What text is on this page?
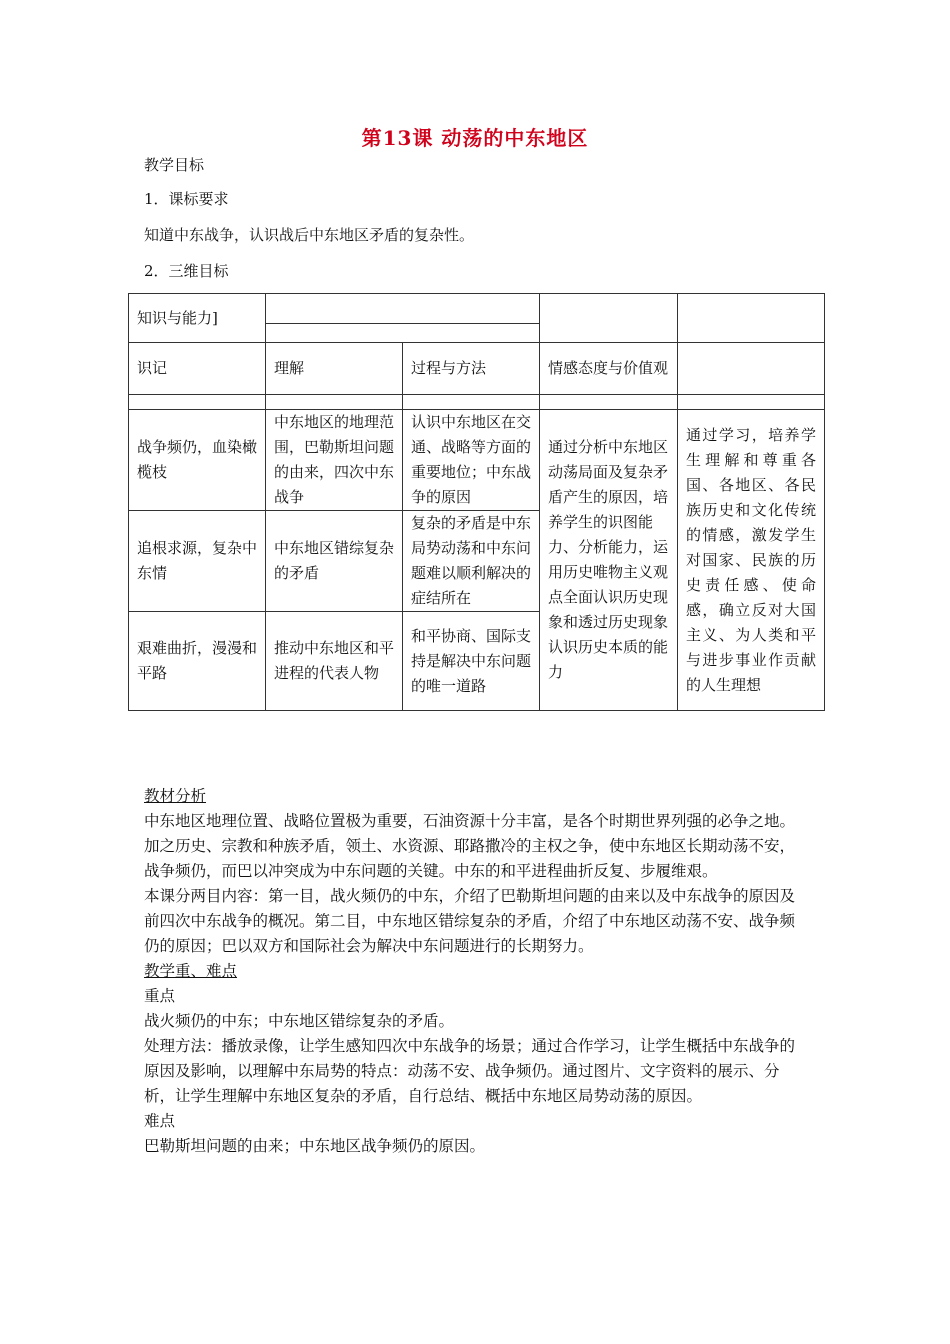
第13课 动荡的中东地区
教学目标
1．课标要求
知道中东战争，认识战后中东地区矛盾的复杂性。
2．三维目标
知识与能力]		

识记	理解	过程与方法	情感态度与价值观	

战争频仍，血染橄榄枝	中东地区的地理范围，巴勒斯坦问题的由来，四次中东战争	认识中东地区在交通、战略等方面的重要地位；中东战争的原因	通过分析中东地区动荡局面及复杂矛盾产生的原因，培养学生的识图能力、分析能力，运用历史唯物主义观点全面认识历史现象和透过历史现象认识历史本质的能力	通过学习，培养学生理解和尊重各国、各地区、各民族历史和文化传统的情感，激发学生对国家、民族的历史责任感、使命感，确立反对大国主义、为人类和平与进步事业作贡献的人生理想
追根求源，复杂中东情	中东地区错综复杂的矛盾	复杂的矛盾是中东局势动荡和中东问题难以顺利解决的症结所在		
艰难曲折，漫漫和平路	推动中东地区和平进程的代表人物	和平协商、国际支持是解决中东问题的唯一道路		

教材分析

中东地区地理位置、战略位置极为重要，石油资源十分丰富，是各个时期世界列强的必争之地。加之历史、宗教和种族矛盾，领土、水资源、耶路撒冷的主权之争，使中东地区长期动荡不安，战争频仍，而巴以冲突成为中东问题的关键。中东的和平进程曲折反复、步履维艰。

本课分两目内容：第一目，战火频仍的中东，介绍了巴勒斯坦问题的由来以及中东战争的原因及前四次中东战争的概况。第二目，中东地区错综复杂的矛盾，介绍了中东地区动荡不安、战争频仍的原因；巴以双方和国际社会为解决中东问题进行的长期努力。

教学重、难点

重点

战火频仍的中东；中东地区错综复杂的矛盾。

处理方法：播放录像，让学生感知四次中东战争的场景；通过合作学习，让学生概括中东战争的原因及影响，以理解中东局势的特点：动荡不安、战争频仍。通过图片、文字资料的展示、分析，让学生理解中东地区复杂的矛盾，自行总结、概括中东地区局势动荡的原因。

难点

巴勒斯坦问题的由来；中东地区战争频仍的原因。
